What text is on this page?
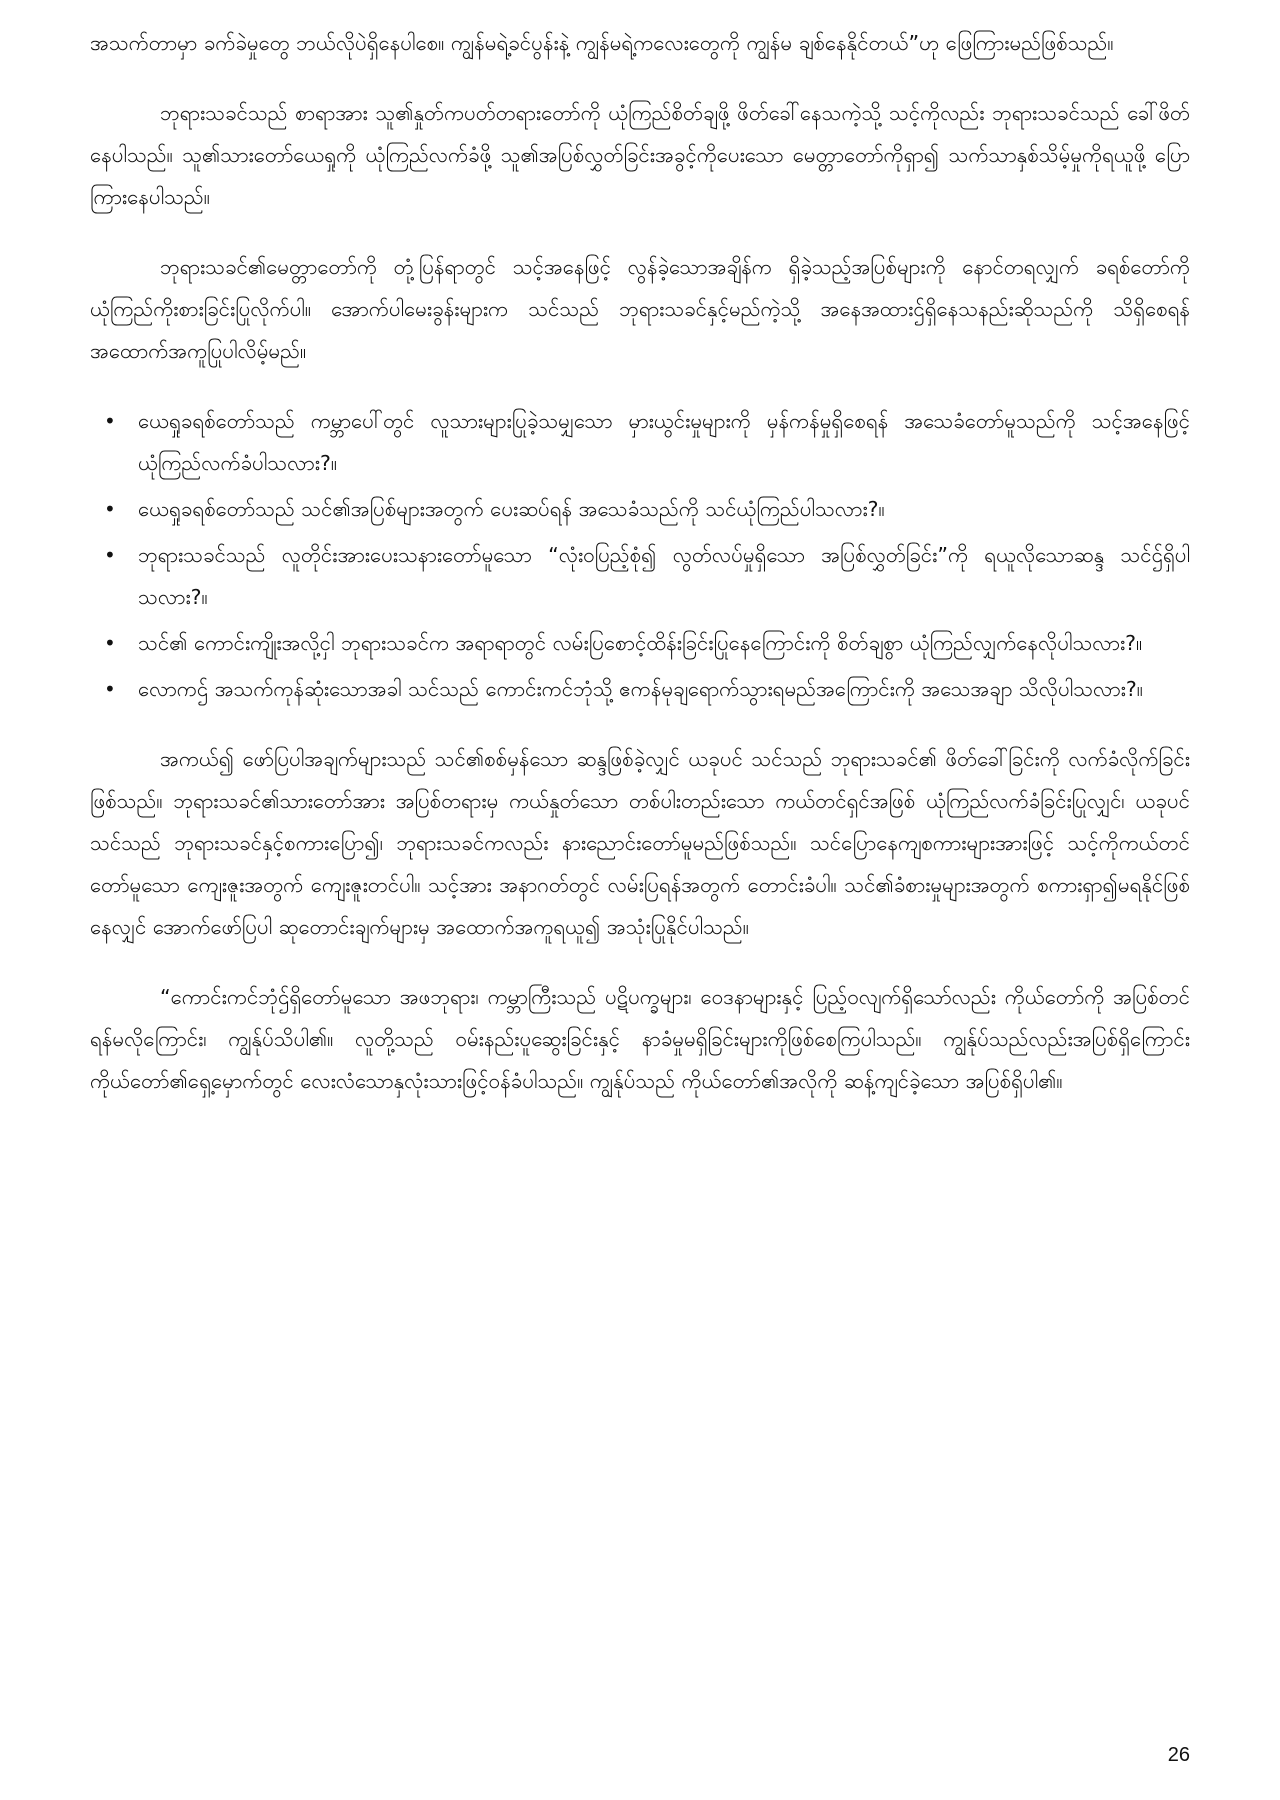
အသက်တာမှာ ခက်ခဲမှုတွေ ဘယ်လိုပဲရှိနေပါစေ။ ကျွန်မရဲ့ခင်ပွန်းနဲ့ ကျွန်မရဲ့ကလေးတွေကို ကျွန်မ ချစ်နေနိုင်တယ်”ဟု ဖြေကြားမည်ဖြစ်သည်။

ဘုရားသခင်သည် စာရာအား သူ၏နှုတ်ကပတ်တရားတော်ကို ယုံကြည်စိတ်ချဖို့ ဖိတ်ခေါ်နေသကဲ့သို့ သင့်ကိုလည်း ဘုရားသခင်သည် ခေါ်ဖိတ်နေပါသည်။ သူ၏သားတော်ယေရှုကို ယုံကြည်လက်ခံဖို့ သူ၏အပြစ်လွှတ်ခြင်းအခွင့်ကိုပေးသော မေတ္တာတော်ကိုရှာ၍ သက်သာနှစ်သိမ့်မှုကိုရယူဖို့ ပြောကြားနေပါသည်။

ဘုရားသခင်၏မေတ္တာတော်ကို တုံ့ပြန်ရာတွင် သင့်အနေဖြင့် လွန်ခဲ့သောအချိန်က ရှိခဲ့သည့်အပြစ်များကို နောင်တရလျှက် ခရစ်တော်ကိုယုံကြည်ကိုးစားခြင်းပြုလိုက်ပါ။ အောက်ပါမေးခွန်းများက သင်သည် ဘုရားသခင်နှင့်မည်ကဲ့သို့ အနေအထားဌ်ရှိနေသနည်းဆိုသည်ကို သိရှိစေရန် အထောက်အကူပြုပါလိမ့်မည်။

• ယေရှုခရစ်တော်သည် ကမ္ဘာပေါ်တွင် လူသားများပြုခဲ့သမျှသော မှားယွင်းမှုများကို မှန်ကန်မှုရှိစေရန် အသေခံတော်မူသည်ကို သင့်အနေဖြင့် ယုံကြည်လက်ခံပါသလား?။
• ယေရှုခရစ်တော်သည် သင်၏အပြစ်များအတွက် ပေးဆပ်ရန် အသေခံသည်ကို သင်ယုံကြည်ပါသလား?။
• ဘုရားသခင်သည် လူတိုင်းအားပေးသနားတော်မူသော “လုံးဝပြည့်စုံ၍ လွတ်လပ်မှုရှိသော အပြစ်လွှတ်ခြင်း”ကို ရယူလိုသောဆန္ဒ သင်ဌ်ရှိပါသလား?။
• သင်၏ ကောင်းကျိုးအလို့ငှါ ဘုရားသခင်က အရာရာတွင် လမ်းပြစောင့်ထိန်းခြင်းပြုနေကြောင်းကို စိတ်ချစွာ ယုံကြည်လျှက်နေလိုပါသလား?။
• လောကဌ် အသက်ကုန်ဆုံးသောအခါ သင်သည် ကောင်းကင်ဘုံသို့ ဧကန်မုချရောက်သွားရမည်အကြောင်းကို အသေအချာ သိလိုပါသလား?။

အကယ်၍ ဖော်ပြပါအချက်များသည် သင်၏စစ်မှန်သော ဆန္ဒဖြစ်ခဲ့လျှင် ယခုပင် သင်သည် ဘုရားသခင်၏ ဖိတ်ခေါ်ခြင်းကို လက်ခံလိုက်ခြင်းဖြစ်သည်။ ဘုရားသခင်၏သားတော်အား အပြစ်တရားမှ ကယ်နှုတ်သော တစ်ပါးတည်းသော ကယ်တင်ရှင်အဖြစ် ယုံကြည်လက်ခံခြင်းပြုလျှင်၊ ယခုပင် သင်သည် ဘုရားသခင်နှင့်စကားပြော၍၊ ဘုရားသခင်ကလည်း နားညောင်းတော်မူမည်ဖြစ်သည်။ သင်ပြောနေကျစကားများအားဖြင့် သင့်ကိုကယ်တင်တော်မူသော ကျေးဇူးအတွက် ကျေးဇူးတင်ပါ။ သင့်အား အနာဂတ်တွင် လမ်းပြရန်အတွက် တောင်းခံပါ။ သင်၏ခံစားမှုများအတွက် စကားရှာ၍မရနိုင်ဖြစ်နေလျှင် အောက်ဖော်ပြပါ ဆုတောင်းချက်များမှ အထောက်အကူရယူ၍ အသုံးပြုနိုင်ပါသည်။

“ကောင်းကင်ဘုံဌ်ရှိတော်မူသော အဖဘုရား၊ ကမ္ဘာကြီးသည် ပဋိပက္ခများ၊ ဝေဒနာများနှင့် ပြည့်ဝလျက်ရှိသော်လည်း ကိုယ်တော်ကို အပြစ်တင်ရန်မလိုကြောင်း၊ ကျွန်ုပ်သိပါ၏။ လူတို့သည် ဝမ်းနည်းပူဆွေးခြင်းနှင့် နာခံမှုမရှိခြင်းများကိုဖြစ်စေကြပါသည်။ ကျွန်ုပ်သည်လည်းအပြစ်ရှိကြောင်း ကိုယ်တော်၏ရှေ့မှောက်တွင် လေးလံသောနှလုံးသားဖြင့်ဝန်ခံပါသည်။ ကျွန်ုပ်သည် ကိုယ်တော်၏အလိုကို ဆန့်ကျင်ခဲ့သော အပြစ်ရှိပါ၏။

26
